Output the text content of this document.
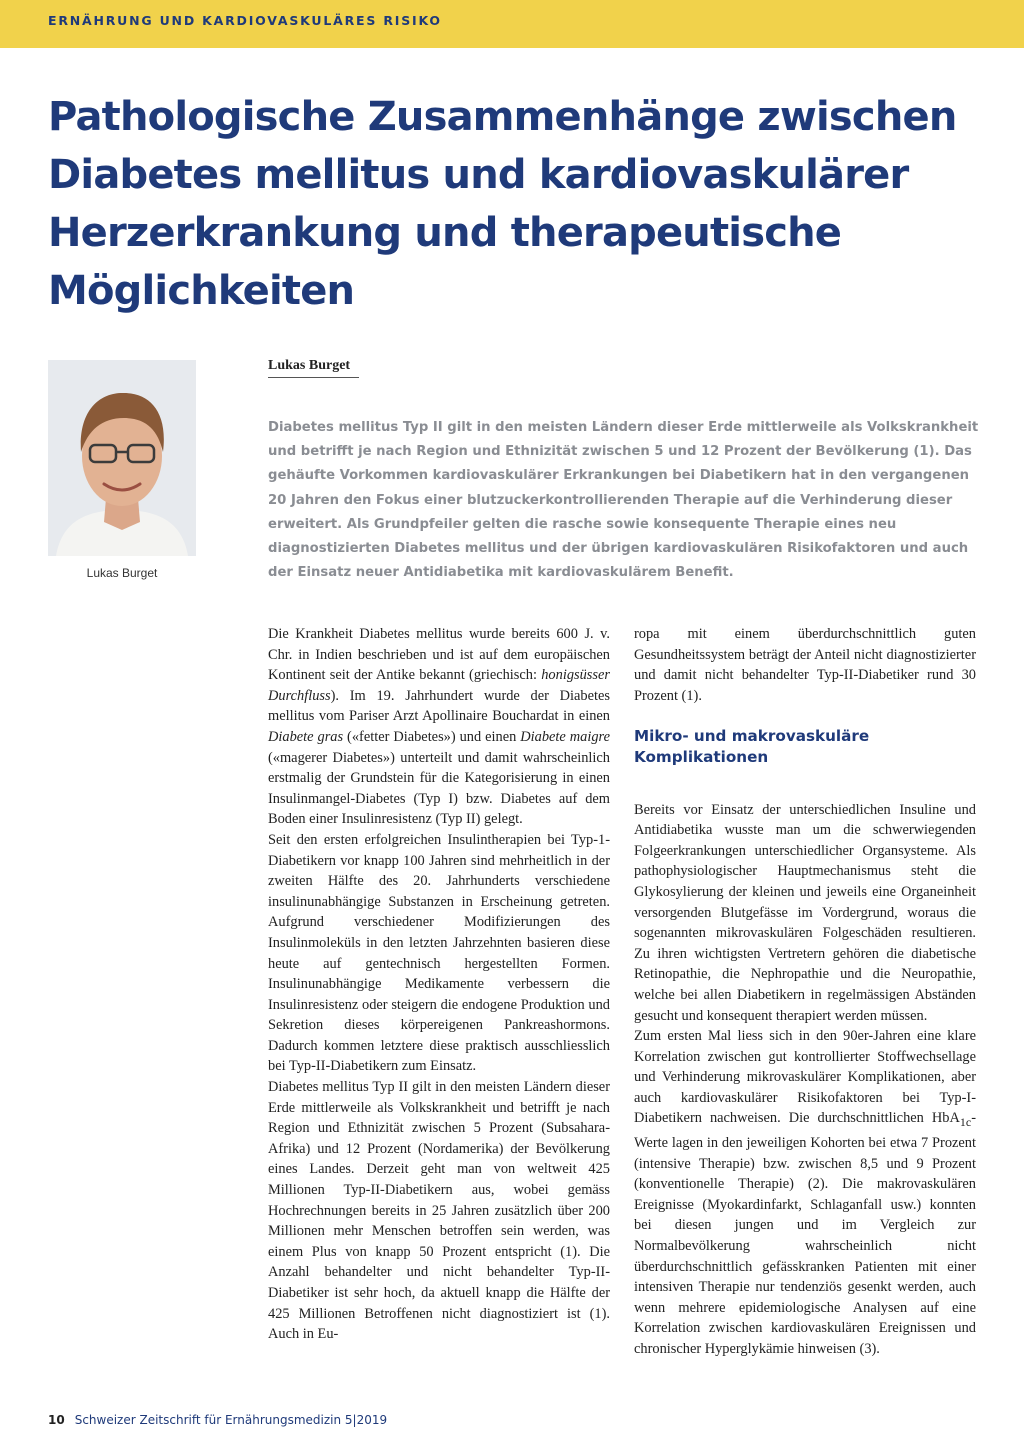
ERNÄHRUNG UND KARDIOVASKULÄRES RISIKO
Pathologische Zusammenhänge zwischen Diabetes mellitus und kardiovaskulärer Herzerkrankung und therapeutische Möglichkeiten
Lukas Burget
Lukas Burget

Diabetes mellitus Typ II gilt in den meisten Ländern dieser Erde mittlerweile als Volkskrankheit und betrifft je nach Region und Ethnizität zwischen 5 und 12 Prozent der Bevölkerung (1). Das gehäufte Vorkommen kardiovaskulärer Erkrankungen bei Diabetikern hat in den vergangenen 20 Jahren den Fokus einer blutzuckerkontrollierenden Therapie auf die Verhinderung dieser erweitert. Als Grundpfeiler gelten die rasche sowie konsequente Therapie eines neu diagnostizierten Diabetes mellitus und der übrigen kardiovaskulären Risikofaktoren und auch der Einsatz neuer Antidiabetika mit kardiovaskulärem Benefit.

Die Krankheit Diabetes mellitus wurde bereits 600 J. v. Chr. in Indien beschrieben und ist auf dem europäischen Kontinent seit der Antike bekannt (griechisch: honigsüsser Durchfluss). Im 19. Jahrhundert wurde der Diabetes mellitus vom Pariser Arzt Apollinaire Bouchardat in einen Diabete gras («fetter Diabetes») und einen Diabete maigre («magerer Diabetes») unterteilt und damit wahrscheinlich erstmalig der Grundstein für die Kategorisierung in einen Insulinmangel-Diabetes (Typ I) bzw. Diabetes auf dem Boden einer Insulinresistenz (Typ II) gelegt.

Seit den ersten erfolgreichen Insulintherapien bei Typ-1-Diabetikern vor knapp 100 Jahren sind mehrheitlich in der zweiten Hälfte des 20. Jahrhunderts verschiedene insulinunabhängige Substanzen in Erscheinung getreten. Aufgrund verschiedener Modifizierungen des Insulinmoleküls in den letzten Jahrzehnten basieren diese heute auf gentechnisch hergestellten Formen. Insulinunabhängige Medikamente verbessern die Insulinresistenz oder steigern die endogene Produktion und Sekretion dieses körpereigenen Pankreashormons. Dadurch kommen letztere diese praktisch ausschliesslich bei Typ-II-Diabetikern zum Einsatz.

Diabetes mellitus Typ II gilt in den meisten Ländern dieser Erde mittlerweile als Volkskrankheit und betrifft je nach Region und Ethnizität zwischen 5 Prozent (Subsahara-Afrika) und 12 Prozent (Nordamerika) der Bevölkerung eines Landes. Derzeit geht man von weltweit 425 Millionen Typ-II-Diabetikern aus, wobei gemäss Hochrechnungen bereits in 25 Jahren zusätzlich über 200 Millionen mehr Menschen betroffen sein werden, was einem Plus von knapp 50 Prozent entspricht (1). Die Anzahl behandelter und nicht behandelter Typ-II-Diabetiker ist sehr hoch, da aktuell knapp die Hälfte der 425 Millionen Betroffenen nicht diagnostiziert ist (1). Auch in Eu-

ropa mit einem überdurchschnittlich guten Gesundheitssystem beträgt der Anteil nicht diagnostizierter und damit nicht behandelter Typ-II-Diabetiker rund 30 Prozent (1).

Mikro- und makrovaskuläre Komplikationen

Bereits vor Einsatz der unterschiedlichen Insuline und Antidiabetika wusste man um die schwerwiegenden Folgeerkrankungen unterschiedlicher Organsysteme. Als pathophysiologischer Hauptmechanismus steht die Glykosylierung der kleinen und jeweils eine Organeinheit versorgenden Blutgefässe im Vordergrund, woraus die sogenannten mikrovaskulären Folgeschäden resultieren. Zu ihren wichtigsten Vertretern gehören die diabetische Retinopathie, die Nephropathie und die Neuropathie, welche bei allen Diabetikern in regelmässigen Abständen gesucht und konsequent therapiert werden müssen.

Zum ersten Mal liess sich in den 90er-Jahren eine klare Korrelation zwischen gut kontrollierter Stoffwechsellage und Verhinderung mikrovaskulärer Komplikationen, aber auch kardiovaskulärer Risikofaktoren bei Typ-I-Diabetikern nachweisen. Die durchschnittlichen HbA$_{1c}$-Werte lagen in den jeweiligen Kohorten bei etwa 7 Prozent (intensive Therapie) bzw. zwischen 8,5 und 9 Prozent (konventionelle Therapie) (2). Die makrovaskulären Ereignisse (Myokardinfarkt, Schlaganfall usw.) konnten bei diesen jungen und im Vergleich zur Normalbevölkerung wahrscheinlich nicht überdurchschnittlich gefässkranken Patienten mit einer intensiven Therapie nur tendenziös gesenkt werden, auch wenn mehrere epidemiologische Analysen auf eine Korrelation zwischen kardiovaskulären Ereignissen und chronischer Hyperglykämie hinweisen (3).

10 Schweizer Zeitschrift für Ernährungsmedizin 5|2019
